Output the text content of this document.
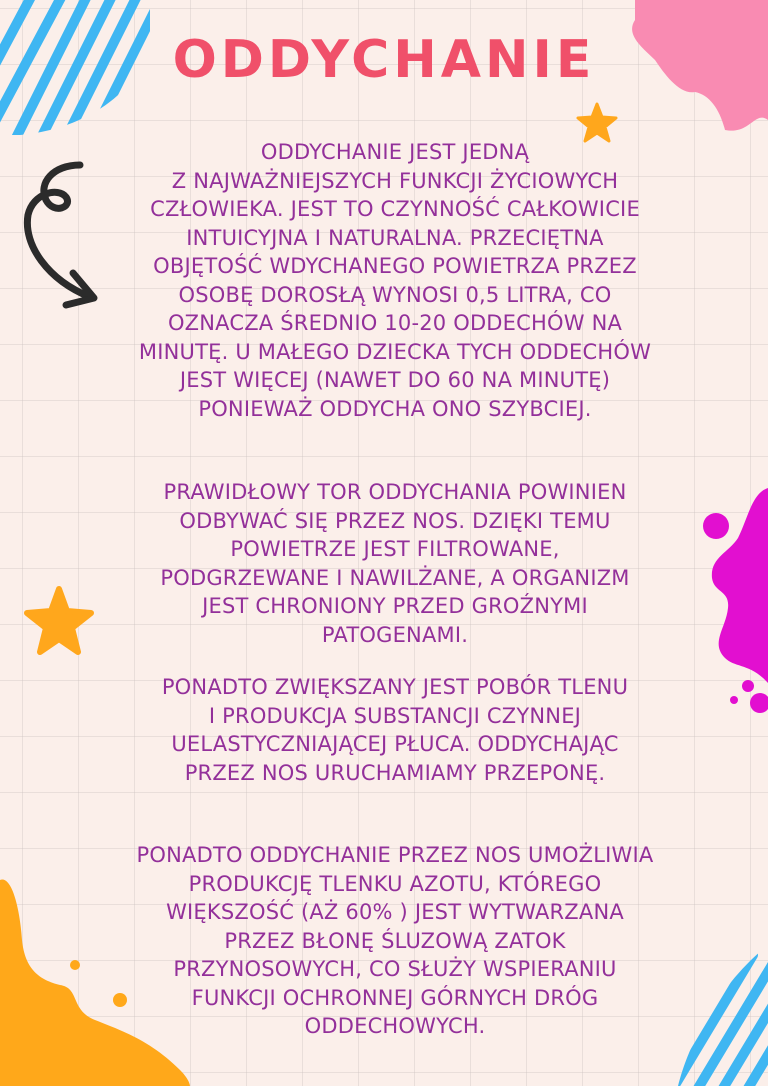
ODDYCHANIE

ODDYCHANIE JEST JEDNĄ
Z NAJWAŻNIEJSZYCH FUNKCJI ŻYCIOWYCH
CZŁOWIEKA. JEST TO CZYNNOŚĆ CAŁKOWICIE
INTUICYJNA I NATURALNA. PRZECIĘTNA
OBJĘTOŚĆ WDYCHANEGO POWIETRZA PRZEZ
OSOBĘ DOROSŁĄ WYNOSI 0,5 LITRA, CO
OZNACZA ŚREDNIO 10-20 ODDECHÓW NA
MINUTĘ. U MAŁEGO DZIECKA TYCH ODDECHÓW
JEST WIĘCEJ (NAWET DO 60 NA MINUTĘ)
PONIEWAŻ ODDYCHA ONO SZYBCIEJ.

PRAWIDŁOWY TOR ODDYCHANIA POWINIEN
ODBYWAĆ SIĘ PRZEZ NOS. DZIĘKI TEMU
POWIETRZE JEST FILTROWANE,
PODGRZEWANE I NAWILŻANE, A ORGANIZM
JEST CHRONIONY PRZED GROŹNYMI
PATOGENAMI.

PONADTO ZWIĘKSZANY JEST POBÓR TLENU
I PRODUKCJA SUBSTANCJI CZYNNEJ
UELASTYCZNIAJĄCEJ PŁUCA. ODDYCHAJĄC
PRZEZ NOS URUCHAMIAMY PRZEPONĘ.

PONADTO ODDYCHANIE PRZEZ NOS UMOŻLIWIA
PRODUKCJĘ TLENKU AZOTU, KTÓREGO
WIĘKSZOŚĆ (AŻ 60% ) JEST WYTWARZANA
PRZEZ BŁONĘ ŚLUZOWĄ ZATOK
PRZYNOSOWYCH, CO SŁUŻY WSPIERANIU
FUNKCJI OCHRONNEJ GÓRNYCH DRÓG
ODDECHOWYCH.
